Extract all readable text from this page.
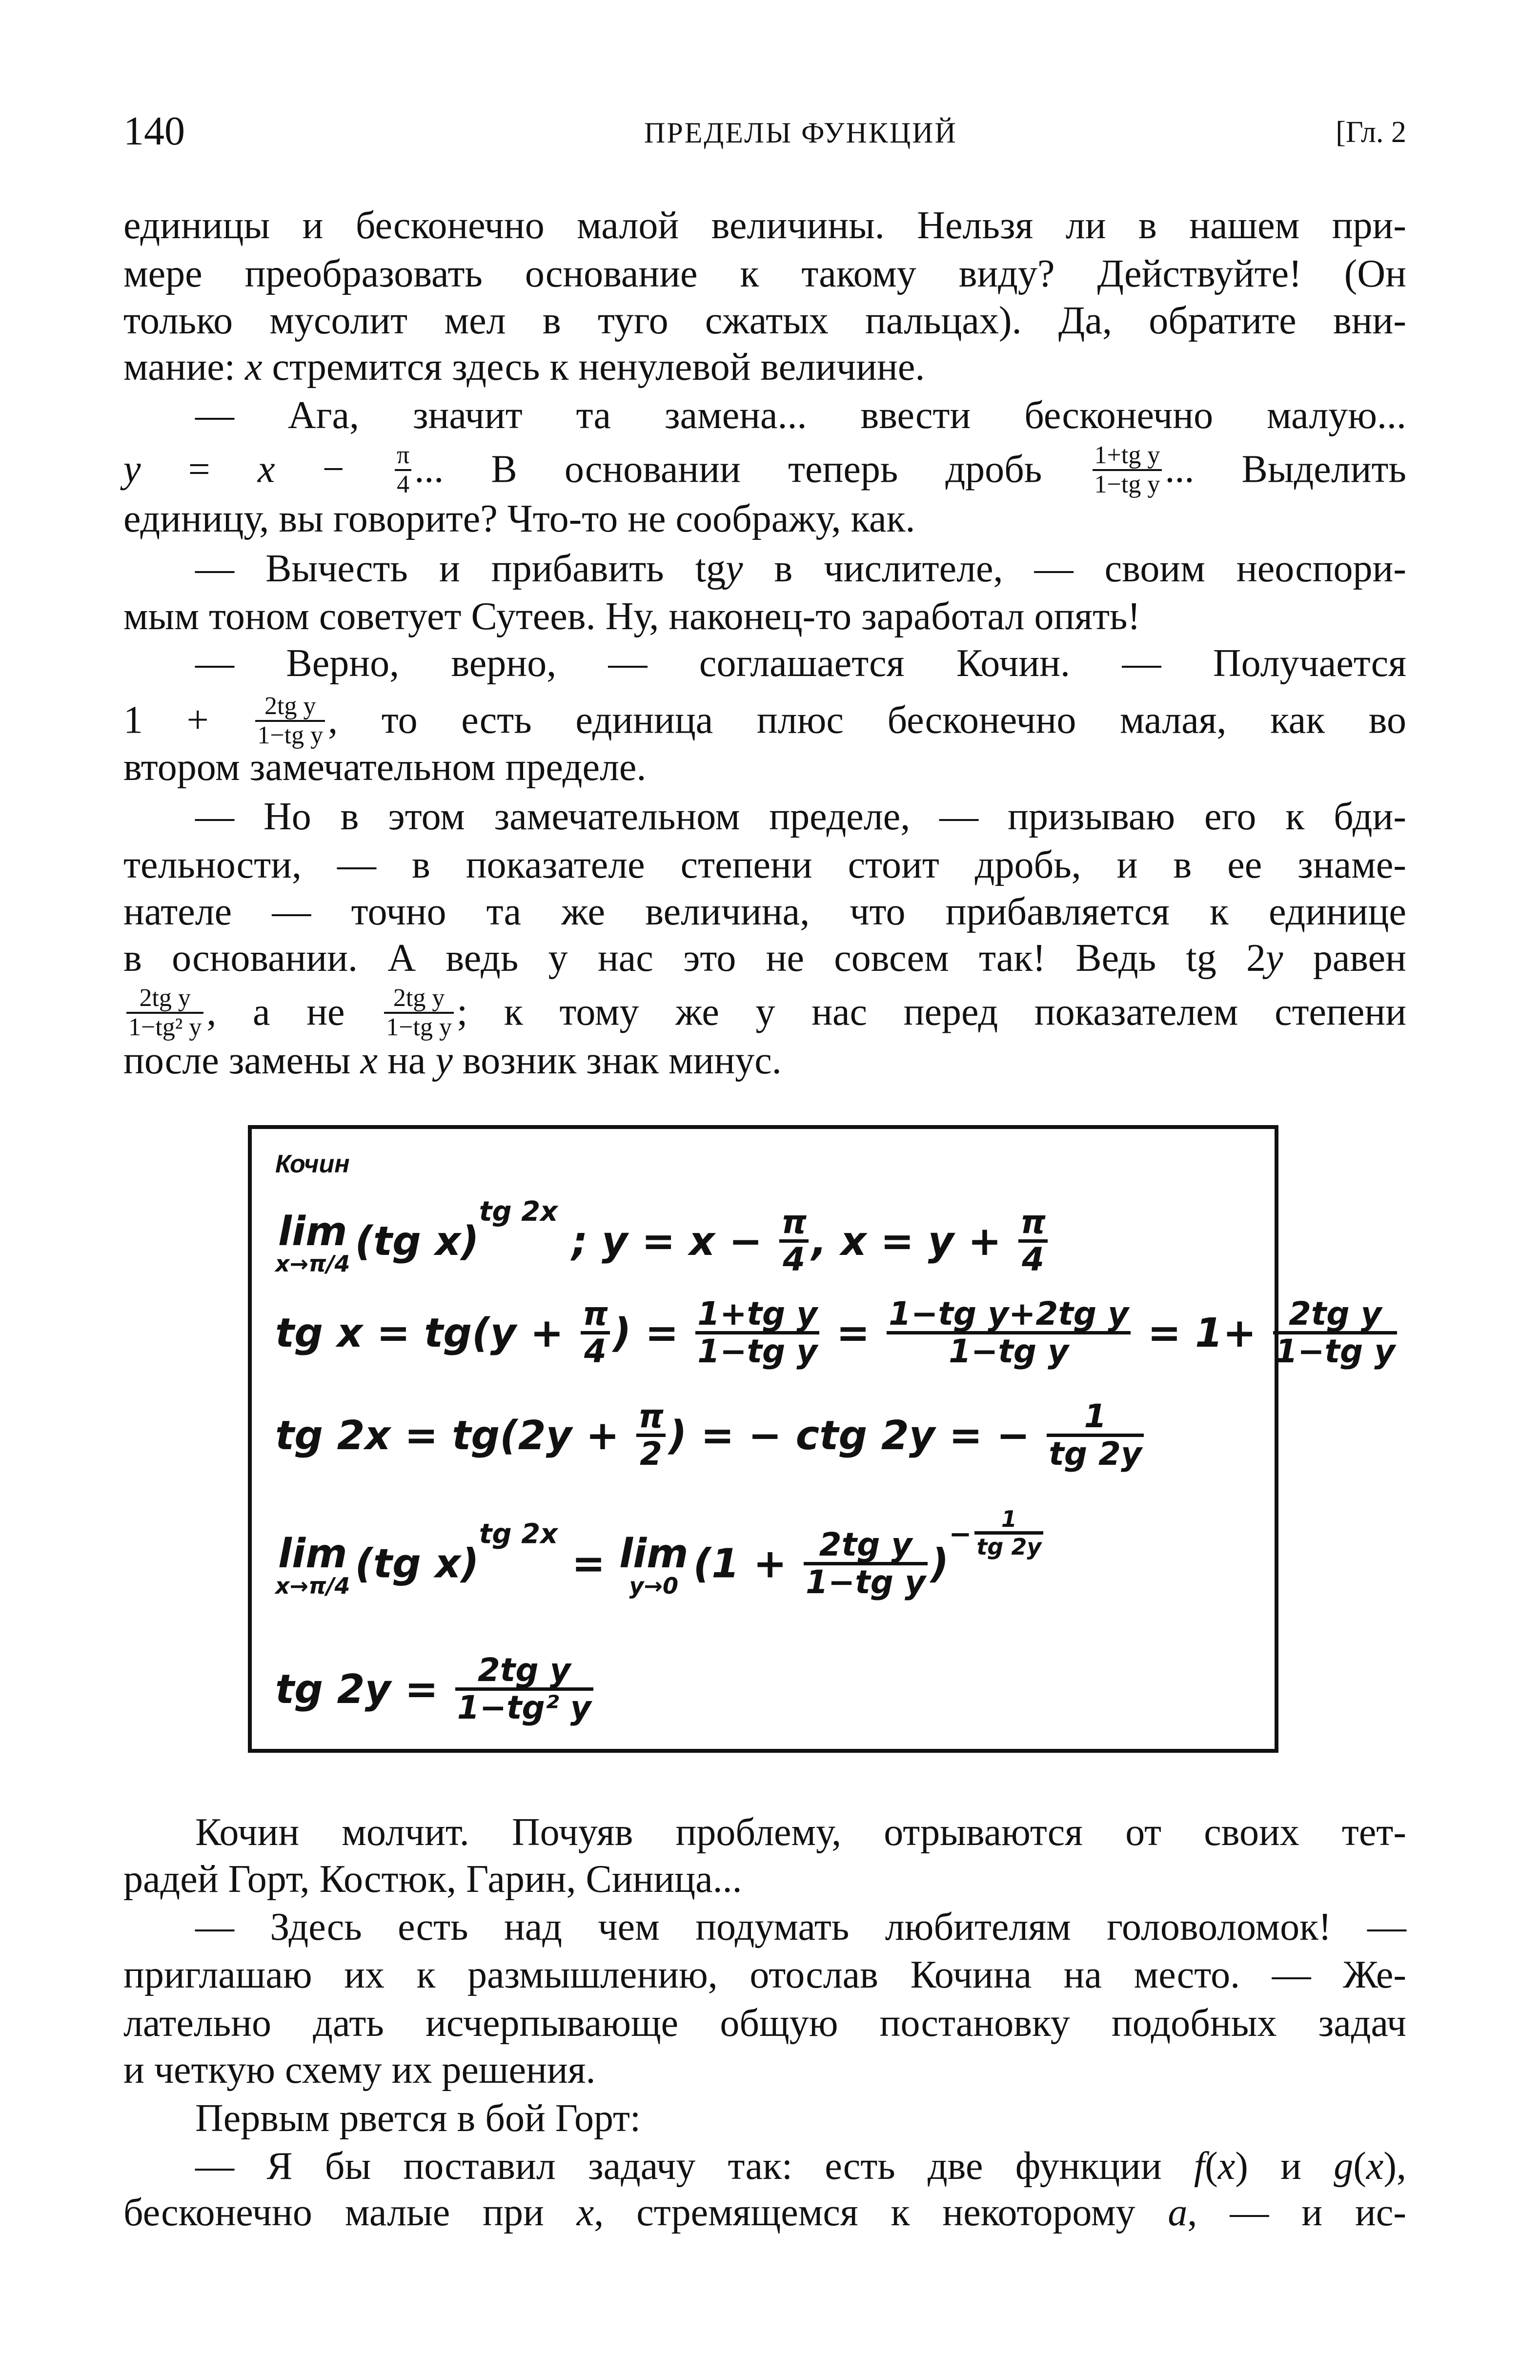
140	ПРЕДЕЛЫ ФУНКЦИЙ	[Гл. 2
единицы и бесконечно малой величины. Нельзя ли в нашем при-
мере преобразовать основание к такому виду? Действуйте! (Он
только мусолит мел в туго сжатых пальцах). Да, обратите вни-
мание: x стремится здесь к ненулевой величине.
— Ага, значит та замена... ввести бесконечно малую...
$y = x - \frac{\pi}{4}$ ... В основании теперь дробь $\frac{\text{1+tg y}}{\text{1−tg y}}$ ... Выделить
единицу, вы говорите? Что-то не соображу, как.
— Вычесть и прибавить tgy в числителе, — своим неоспори-
мым тоном советует Сутеев. Ну, наконец-то заработал опять!
— Верно, верно, — соглашается Кочин. — Получается
$1 + \frac{\text{2tg y}}{\text{1−tg y}}$ , то есть единица плюс бесконечно малая, как во
втором замечательном пределе.
— Но в этом замечательном пределе, — призываю его к бди-
тельности, — в показателе степени стоит дробь, и в ее знаме-
нателе — точно та же величина, что прибавляется к единице
в основании. А ведь у нас это не совсем так! Ведь tg 2y равен
$\frac{\text{2tg y}}{\text{1−tg² y}}$ , а не $\frac{\text{2tg y}}{\text{1−tg y}}$ ; к тому же у нас перед показателем степени
после замены x на y возник знак минус.
Кочин молчит. Почуяв проблему, отрываются от своих тет-
радей Горт, Костюк, Гарин, Синица...
— Здесь есть над чем подумать любителям головоломок! —
приглашаю их к размышлению, отослав Кочина на место. — Же-
лательно дать исчерпывающе общую постановку подобных задач
и четкую схему их решения.
Первым рвется в бой Горт:
— Я бы поставил задачу так: есть две функции f(x) и g(x),
бесконечно малые при x, стремящемся к некоторому a, — и ис-
Кочин
lim
x→π/4 (tg x)$^{tg 2x}$ ; $y = x - \frac{\pi}{4}$ , $x = y + \frac{\pi}{4}$
tg $x = tg(y + \frac{\pi}{4}$ ) = $\frac{\text{1+tg y}}{\text{1−tg y}} = \frac{\text{1−tg y+2tg y}}{\text{1−tg y}} = 1+ \frac{\text{2tg y}}{\text{1−tg y}}$
tg $2x = tg(2y + \frac{\pi}{2}$ ) = − ctg 2y = − $\frac{1}{tg 2y}$
lim
x→π/4 (tg x)$^{tg 2x}$ = lim
y→0 $(1 + \frac{\text{2tg y}}{\text{1−tg y}} )^{- \frac{1}{tg 2y}}$
tg $2y = \frac{\text{2tg y}}{\text{1−tg² y}}$
